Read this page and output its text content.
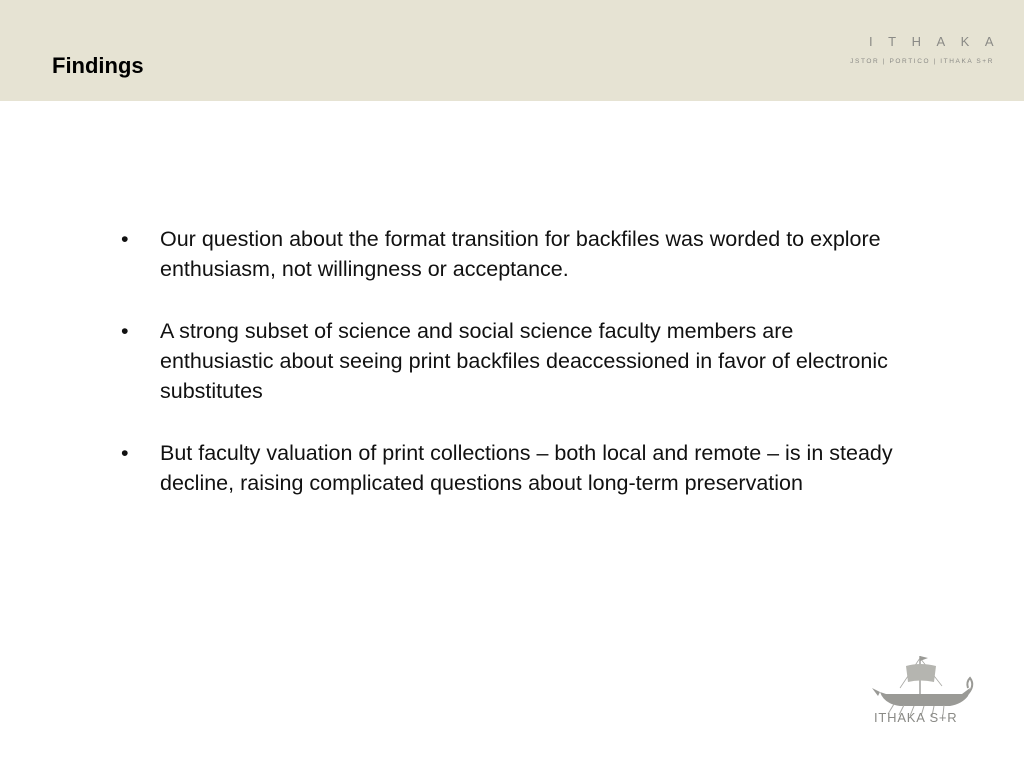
Findings
ITHAKA
JSTOR | PORTICO | ITHAKA S+R
• Our question about the format transition for backfiles was worded to explore enthusiasm, not willingness or acceptance.
• A strong subset of science and social science faculty members are enthusiastic about seeing print backfiles deaccessioned in favor of electronic substitutes
• But faculty valuation of print collections – both local and remote – is in steady decline, raising complicated questions about long-term preservation
ITHAKA S+R
